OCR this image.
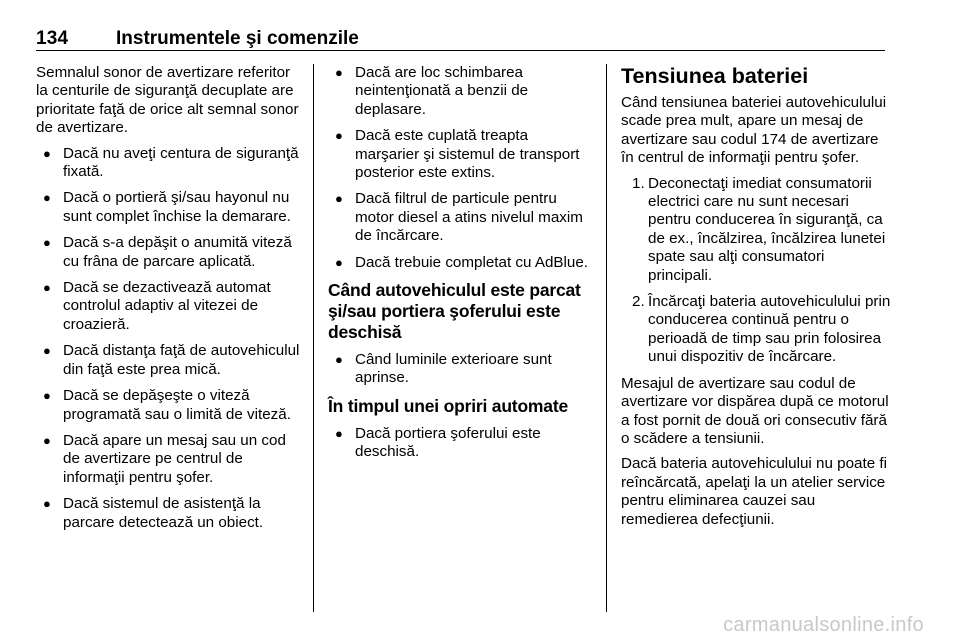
134	Instrumentele şi comenzile

Semnalul sonor de avertizare referitor la centurile de siguranţă decuplate are prioritate faţă de orice alt semnal sonor de avertizare.

● Dacă nu aveţi centura de siguranţă fixată.
● Dacă o portieră şi/sau hayonul nu sunt complet închise la demarare.
● Dacă s-a depăşit o anumită viteză cu frâna de parcare aplicată.
● Dacă se dezactivează automat controlul adaptiv al vitezei de croazieră.
● Dacă distanţa faţă de autovehiculul din faţă este prea mică.
● Dacă se depăşeşte o viteză programată sau o limită de viteză.
● Dacă apare un mesaj sau un cod de avertizare pe centrul de informaţii pentru şofer.
● Dacă sistemul de asistenţă la parcare detectează un obiect.
● Dacă are loc schimbarea neintenţionată a benzii de deplasare.
● Dacă este cuplată treapta marşarier şi sistemul de transport posterior este extins.
● Dacă filtrul de particule pentru motor diesel a atins nivelul maxim de încărcare.
● Dacă trebuie completat cu AdBlue.
Când autovehiculul este parcat şi/sau portiera şoferului este deschisă
● Când luminile exterioare sunt aprinse.
În timpul unei opriri automate
● Dacă portiera şoferului este deschisă.
Tensiunea bateriei

Când tensiunea bateriei autovehiculului scade prea mult, apare un mesaj de avertizare sau codul 174 de avertizare în centrul de informaţii pentru şofer.

1. Deconectaţi imediat consumatorii electrici care nu sunt necesari pentru conducerea în siguranţă, ca de ex., încălzirea, încălzirea lunetei spate sau alţi consumatori principali.
2. Încărcaţi bateria autovehiculului prin conducerea continuă pentru o perioadă de timp sau prin folosirea unui dispozitiv de încărcare.

Mesajul de avertizare sau codul de avertizare vor dispărea după ce motorul a fost pornit de două ori consecutiv fără o scădere a tensiunii.

Dacă bateria autovehiculului nu poate fi reîncărcată, apelaţi la un atelier service pentru eliminarea cauzei sau remedierea defecţiunii.

carmanualsonline.info
